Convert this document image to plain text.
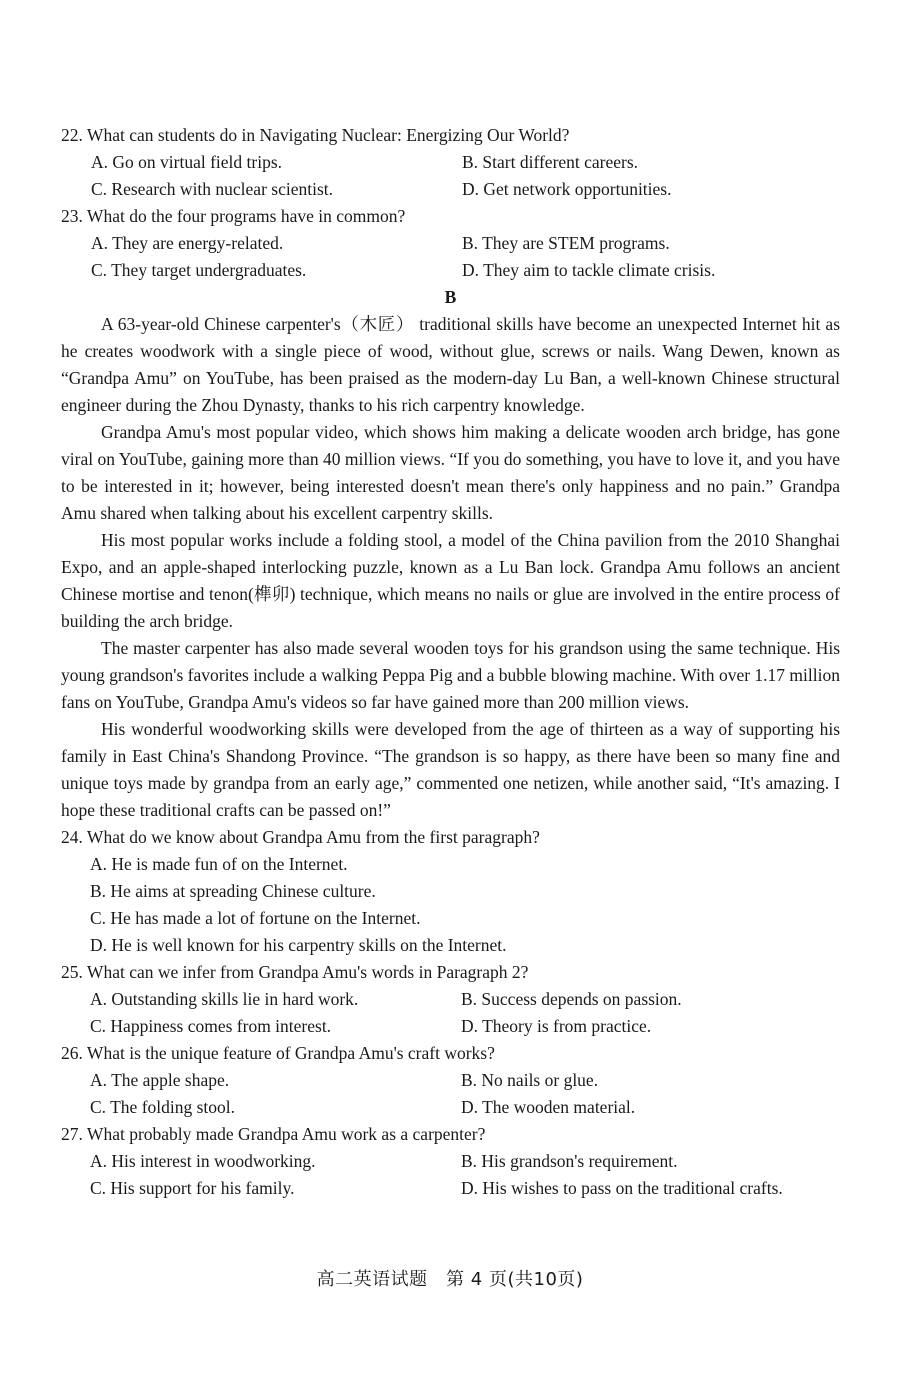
22. What can students do in Navigating Nuclear: Energizing Our World?

A. Go on virtual field trips.	B. Start different careers.
C. Research with nuclear scientist.	D. Get network opportunities.

23. What do the four programs have in common?

A. They are energy-related.	B. They are STEM programs.
C. They target undergraduates.	D. They aim to tackle climate crisis.

B

A 63-year-old Chinese carpenter's（木匠） traditional skills have become an unexpected Internet hit as he creates woodwork with a single piece of wood, without glue, screws or nails. Wang Dewen, known as “Grandpa Amu” on YouTube, has been praised as the modern-day Lu Ban, a well-known Chinese structural engineer during the Zhou Dynasty, thanks to his rich carpentry knowledge.

Grandpa Amu's most popular video, which shows him making a delicate wooden arch bridge, has gone viral on YouTube, gaining more than 40 million views. “If you do something, you have to love it, and you have to be interested in it; however, being interested doesn't mean there's only happiness and no pain.” Grandpa Amu shared when talking about his excellent carpentry skills.

His most popular works include a folding stool, a model of the China pavilion from the 2010 Shanghai Expo, and an apple-shaped interlocking puzzle, known as a Lu Ban lock. Grandpa Amu follows an ancient Chinese mortise and tenon(榫卯) technique, which means no nails or glue are involved in the entire process of building the arch bridge.

The master carpenter has also made several wooden toys for his grandson using the same technique. His young grandson's favorites include a walking Peppa Pig and a bubble blowing machine. With over 1.17 million fans on YouTube, Grandpa Amu's videos so far have gained more than 200 million views.

His wonderful woodworking skills were developed from the age of thirteen as a way of supporting his family in East China's Shandong Province. “The grandson is so happy, as there have been so many fine and unique toys made by grandpa from an early age,” commented one netizen, while another said, “It's amazing. I hope these traditional crafts can be passed on!”

24. What do we know about Grandpa Amu from the first paragraph?

A. He is made fun of on the Internet.
B. He aims at spreading Chinese culture.
C. He has made a lot of fortune on the Internet.
D. He is well known for his carpentry skills on the Internet.

25. What can we infer from Grandpa Amu's words in Paragraph 2?

A. Outstanding skills lie in hard work.	B. Success depends on passion.
C. Happiness comes from interest.	D. Theory is from practice.

26. What is the unique feature of Grandpa Amu's craft works?

A. The apple shape.	B. No nails or glue.
C. The folding stool.	D. The wooden material.

27. What probably made Grandpa Amu work as a carpenter?

A. His interest in woodworking.	B. His grandson's requirement.
C. His support for his family.	D. His wishes to pass on the traditional crafts.
高二英语试题　第 4 页(共10页)
